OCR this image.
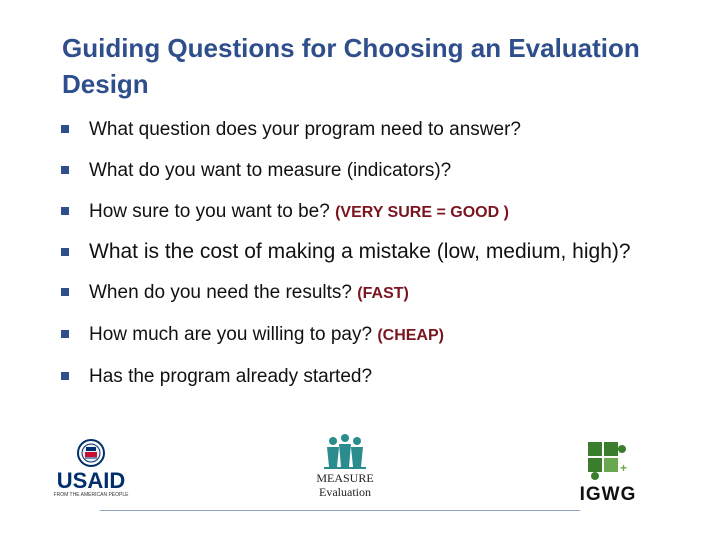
Guiding Questions for Choosing an Evaluation Design
What question does your program need to answer?
What do you want to measure (indicators)?
How sure to you want to be? (VERY SURE = GOOD )
What is the cost of making a mistake (low, medium, high)?
When do you need the results? (FAST)
How much are you willing to pay? (CHEAP)
Has the program already started?
USAID
FROM THE AMERICAN PEOPLE
MEASURE
Evaluation
+
IGWG
